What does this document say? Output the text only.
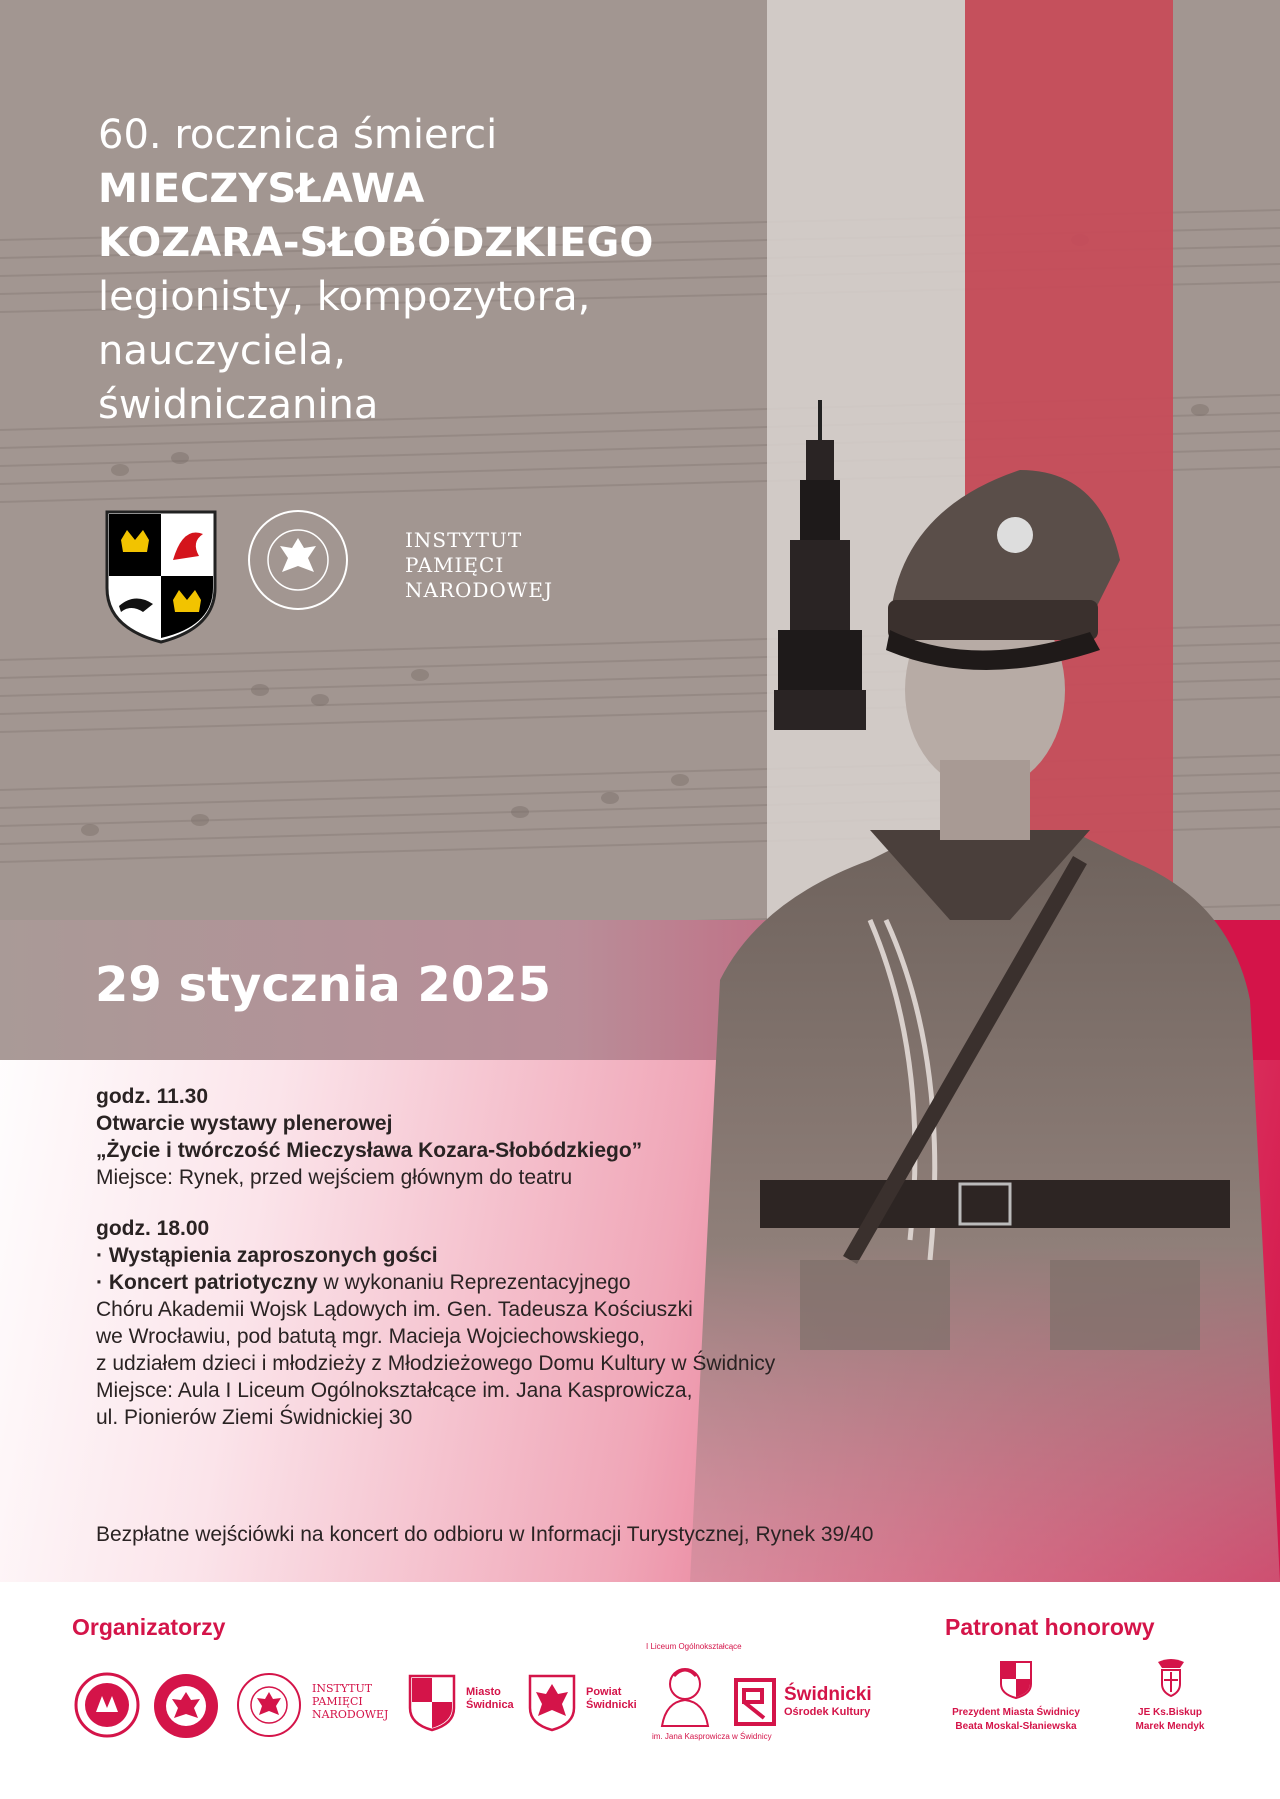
60. rocznica śmierci
MIECZYSŁAWA
KOZARA-SŁOBÓDZKIEGO
legionisty, kompozytora,
nauczyciela,
świdniczanina
INSTYTUT
PAMIĘCI
NARODOWEJ
29 stycznia 2025
godz. 11.30
Otwarcie wystawy plenerowej
„Życie i twórczość Mieczysława Kozara-Słobódzkiego”
Miejsce: Rynek, przed wejściem głównym do teatru
godz. 18.00
· Wystąpienia zaproszonych gości
· Koncert patriotyczny w wykonaniu Reprezentacyjnego
Chóru Akademii Wojsk Lądowych im. Gen. Tadeusza Kościuszki
we Wrocławiu, pod batutą mgr. Macieja Wojciechowskiego,
z udziałem dzieci i młodzieży z Młodzieżowego Domu Kultury w Świdnicy
Miejsce: Aula I Liceum Ogólnokształcące im. Jana Kasprowicza,
ul. Pionierów Ziemi Świdnickiej 30
Bezpłatne wejściówki na koncert do odbioru w Informacji Turystycznej, Rynek 39/40
Organizatorzy	Patronat honorowy
INSTYTUT
PAMIĘCI
NARODOWEJ
Miasto
Świdnica
Powiat
Świdnicki
I Liceum Ogólnokształcące
im. Jana Kasprowicza w Świdnicy
Świdnicki
Ośrodek Kultury	Prezydent Miasta Świdnicy
Beata Moskal-Słaniewska
JE Ks.Biskup
Marek Mendyk
